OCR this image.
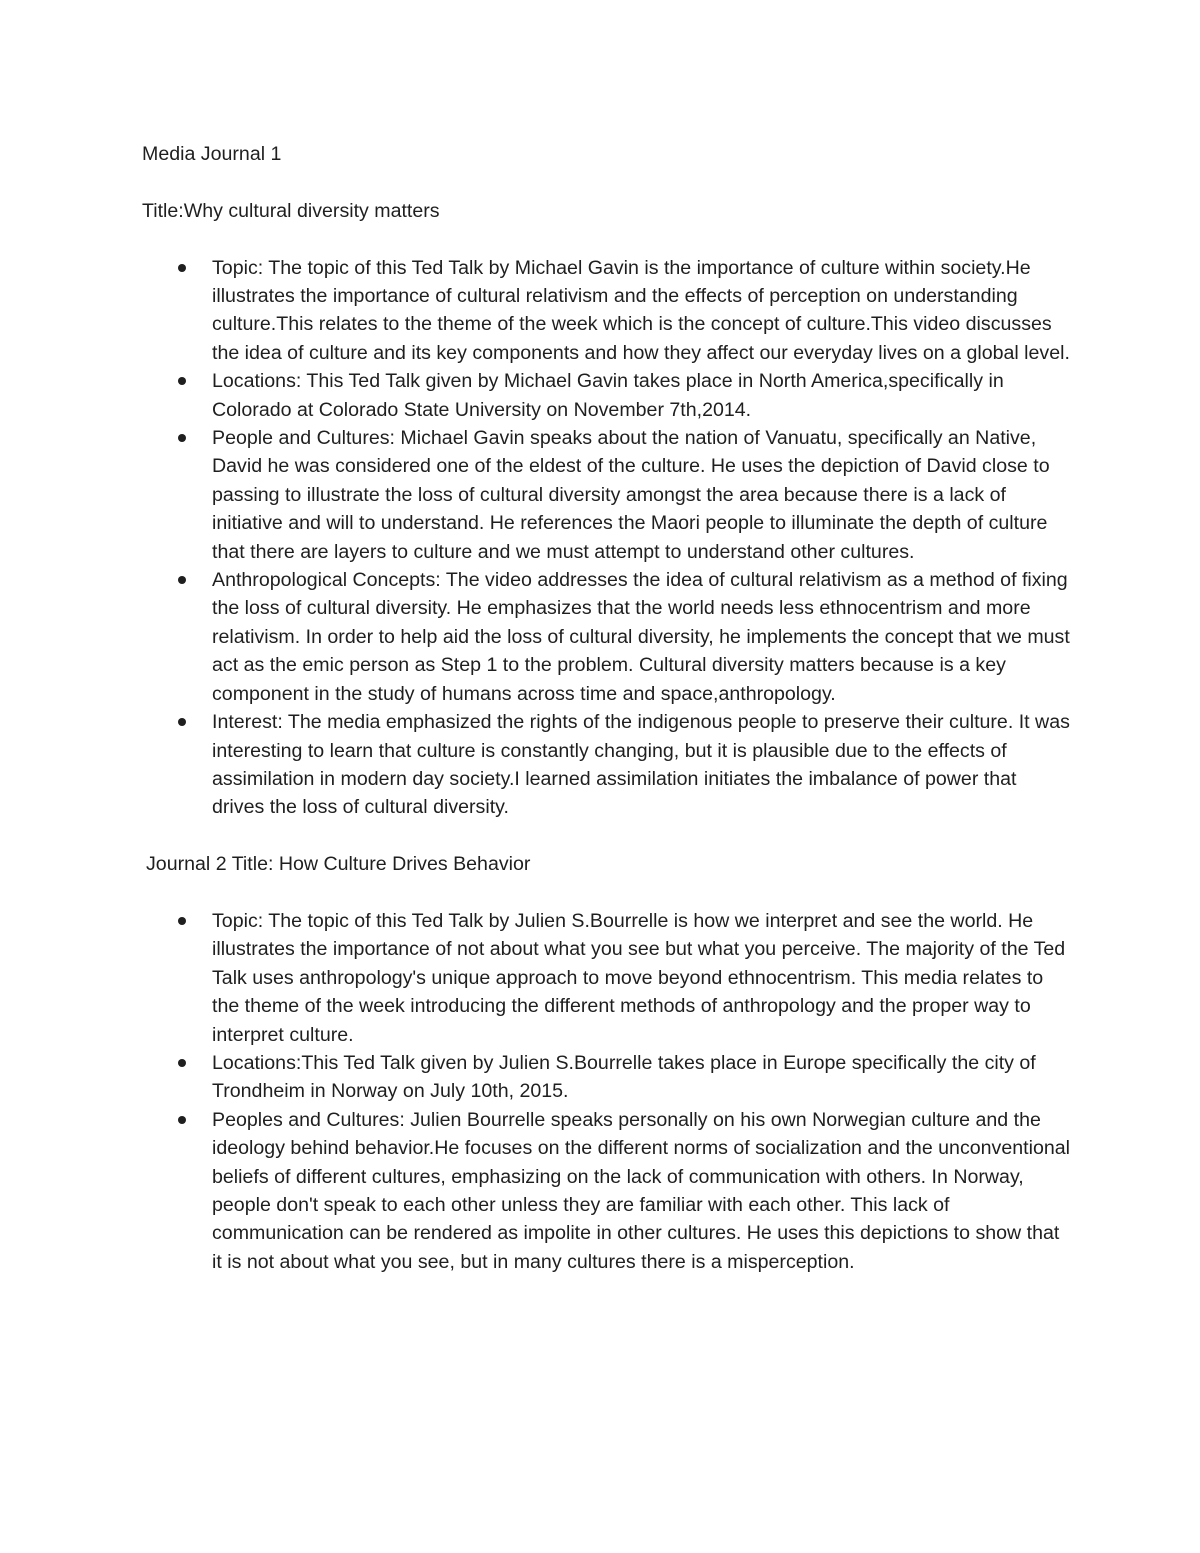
Media Journal 1

Title:Why cultural diversity matters

Topic: The topic of this Ted Talk by Michael Gavin is the importance of culture within society.He illustrates the importance of cultural relativism and the effects of perception on understanding culture.This relates to the theme of the week which is the concept of culture.This video discusses the idea of culture and its key components and how they affect our everyday lives on a global level.
Locations: This Ted Talk given by Michael Gavin takes place in North America,specifically in Colorado at Colorado State University on November 7th,2014.
People and Cultures: Michael Gavin speaks about the nation of Vanuatu, specifically an Native, David he was considered one of the eldest of the culture. He uses the depiction of David close to passing to illustrate the loss of cultural diversity amongst the area because there is a lack of initiative and will to understand. He references the Maori people to illuminate the depth of culture that there are layers to culture and we must attempt to understand other cultures.
Anthropological Concepts: The video addresses the idea of cultural relativism as a method of fixing the loss of cultural diversity. He emphasizes that the world needs less ethnocentrism and more relativism. In order to help aid the loss of cultural diversity, he implements the concept that we must act as the emic person as Step 1 to the problem. Cultural diversity matters because is a key component in the study of humans across time and space,anthropology.
Interest: The media emphasized the rights of the indigenous people to preserve their culture. It was interesting to learn that culture is constantly changing, but it is plausible due to the effects of assimilation in modern day society.I learned assimilation initiates the imbalance of power that drives the loss of cultural diversity.

Journal 2 Title: How Culture Drives Behavior

Topic: The topic of this Ted Talk by Julien S.Bourrelle is how we interpret and see the world. He illustrates the importance of not about what you see but what you perceive. The majority of the Ted Talk uses anthropology's unique approach to move beyond ethnocentrism. This media relates to the theme of the week introducing the different methods of anthropology and the proper way to interpret culture.
Locations:This Ted Talk given by Julien S.Bourrelle takes place in Europe specifically the city of Trondheim in Norway on July 10th, 2015.
Peoples and Cultures: Julien Bourrelle speaks personally on his own Norwegian culture and the ideology behind behavior.He focuses on the different norms of socialization and the unconventional beliefs of different cultures, emphasizing on the lack of communication with others. In Norway, people don't speak to each other unless they are familiar with each other. This lack of communication can be rendered as impolite in other cultures. He uses this depictions to show that it is not about what you see, but in many cultures there is a misperception.
